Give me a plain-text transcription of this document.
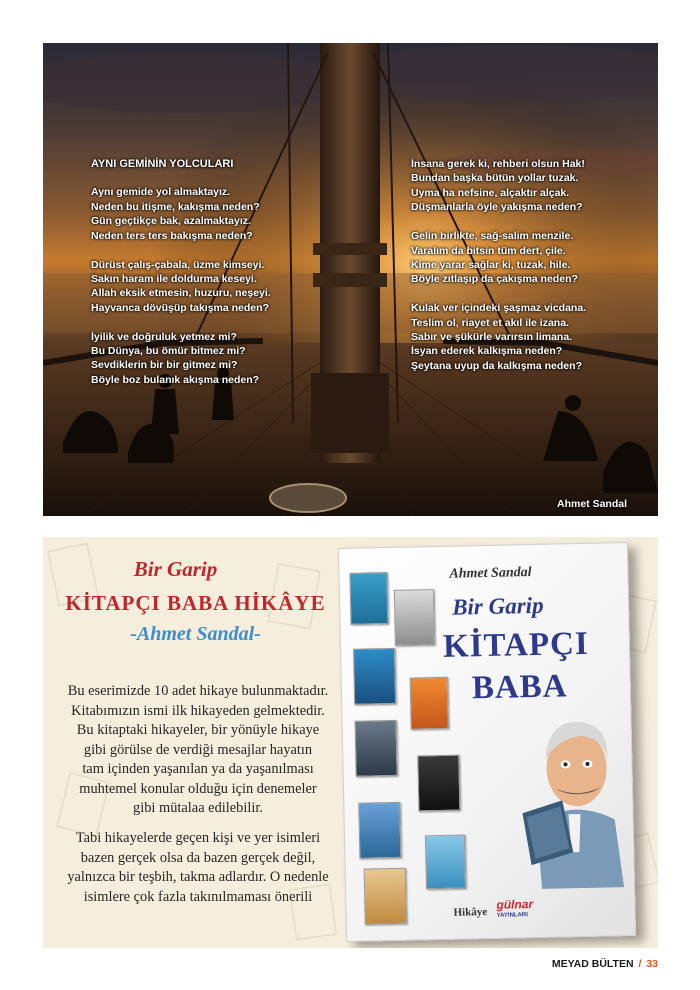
AYNI GEMİNİN YOLCULARI
Aynı gemide yol almaktayız.
Neden bu itişme, kakışma neden?
Gün geçtikçe bak, azalmaktayız.
Neden ters ters bakışma neden?
Dürüst çalış-çabala, üzme kimseyi.
Sakın haram ile doldurma keseyi.
Allah eksik etmesin, huzuru, neşeyi.
Hayvanca dövüşüp takışma neden?
İyilik ve doğruluk yetmez mi?
Bu Dünya, bu ömür bitmez mi?
Sevdiklerin bir bir gitmez mi?
Böyle boz bulanık akışma neden?
İnsana gerek ki, rehberi olsun Hak!
Bundan başka bütün yollar tuzak.
Uyma ha nefsine, alçaktır alçak.
Düşmanlarla öyle yakışma neden?
Gelin birlikte, sağ-salim menzile.
Varalım da bitsin tüm dert, çile.
Kime yarar sağlar ki, tuzak, hile.
Böyle zıtlaşıp da çakışma neden?
Kulak ver içindeki şaşmaz vicdana.
Teslim ol, riayet et akıl ile izana.
Sabır ve şükürle varırsın limana.
İsyan ederek kalkışma neden?
Şeytana uyup da kalkışma neden?
Ahmet Sandal
Bir Garip
KİTAPÇI BABA HİKÂYE
-Ahmet Sandal-
Bu eserimizde 10 adet hikaye bulunmaktadır.
Kitabımızın ismi ilk hikayeden gelmektedir.
Bu kitaptaki hikayeler, bir yönüyle hikaye
gibi görülse de verdiği mesajlar hayatın
tam içinden yaşanılan ya da yaşanılması
muhtemel konular olduğu için denemeler
gibi mütalaa edilebilir.
Tabi hikayelerde geçen kişi ve yer isimleri
bazen gerçek olsa da bazen gerçek değil,
yalnızca bir teşbih, takma adlardır. O nedenle
isimlere çok fazla takınılmaması önerili
Ahmet Sandal
Bir Garip
KİTAPÇI
BABA
Hikâye
gülnar
YAYINLARI
MEYAD BÜLTEN / 33
